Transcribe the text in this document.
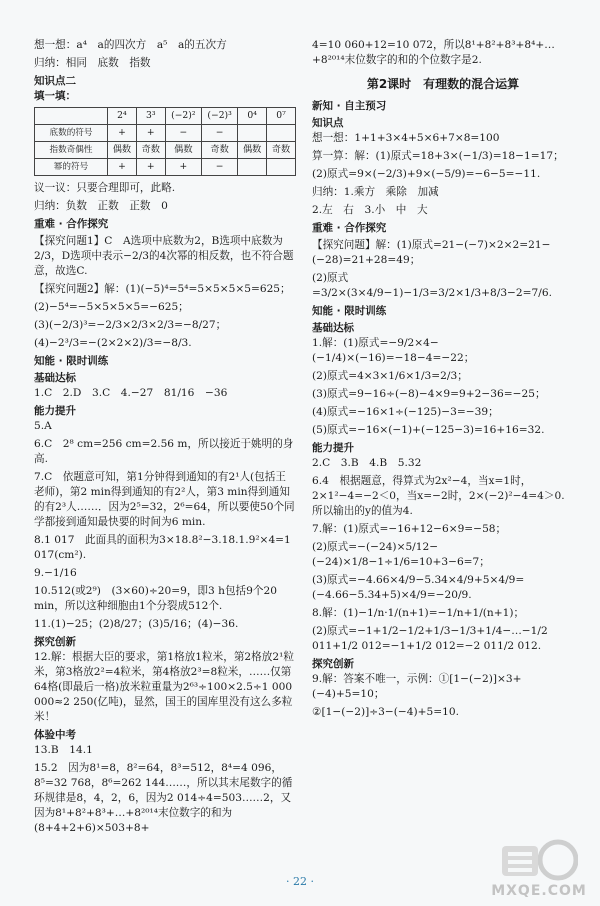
想一想：a⁴　a的四次方　a⁵　a的五次方
归纳：相同　底数　指数
知识点二
填一填：
	2⁴	3³	(−2)²	(−2)³	0⁴	0⁷
底数的符号	+	+	−	−		
指数奇偶性	偶数	奇数	偶数	奇数	偶数	奇数
幂的符号	+	+	+	−		
议一议：只要合理即可，此略.
归纳：负数　正数　正数　0
重难 · 合作探究
【探究问题1】C　A选项中底数为2，B选项中底数为2/3，D选项中表示−2/3的4次幂的相反数，也不符合题意，故选C.
【探究问题2】解：(1)(−5)⁴=5⁴=5×5×5×5=625；
(2)−5⁴=−5×5×5×5=−625；
(3)(−2/3)³=−2/3×2/3×2/3=−8/27；
(4)−2³/3=−(2×2×2)/3=−8/3.
知能 · 限时训练
基础达标
1.C　2.D　3.C　4.−27　81/16　−36
能力提升
5.A
6.C　2⁸ cm=256 cm=2.56 m，所以接近于姚明的身高.
7.C　依题意可知，第1分钟得到通知的有2¹人(包括王老师)，第2 min得到通知的有2²人，第3 min得到通知的有2³人……．因为2⁵=32，2⁶=64，所以要使50个同学都接到通知最快要的时间为6 min.
8.1 017　此面具的面积为3×18.8²−3.18.1.9²×4=1 017(cm²).
9.−1/16
10.512(或2⁹)　(3×60)÷20=9，即3 h包括9个20 min，所以这种细胞由1个分裂成512个.
11.(1)−25；(2)8/27；(3)5/16；(4)−36.
探究创新
12.解：根据大臣的要求，第1格放1粒米，第2格放2¹粒米，第3格放2²=4粒米，第4格放2³=8粒米，……仅第64格(即最后一格)放米粒重量为2⁶³÷100×2.5÷1 000 000≈2 250(亿吨)，显然，国王的国库里没有这么多粒米！
体验中考
13.B　14.1
15.2　因为8¹=8，8²=64，8³=512，8⁴=4 096，8⁵=32 768，8⁶=262 144……，所以其末尾数字的循环规律是8，4，2，6，因为2 014÷4=503……2，又因为8¹+8²+8³+…+8²⁰¹⁴末位数字的和为(8+4+2+6)×503+8+
4=10 060+12=10 072，所以8¹+8²+8³+8⁴+…+8²⁰¹⁴末位数字的和的个位数字是2.
第2课时　有理数的混合运算
新知 · 自主预习
知识点
想一想：1+1+3×4+5×6+7×8=100
算一算：解：(1)原式=18+3×(−1/3)=18−1=17；
(2)原式=9×(−2/3)+9×(−5/9)=−6−5=−11.
归纳：1.乘方　乘除　加减
2.左　右　3.小　中　大
重难 · 合作探究
【探究问题】解：(1)原式=21−(−7)×2×2=21−(−28)=21+28=49；
(2)原式=3/2×(3×4/9−1)−1/3=3/2×1/3+8/3−2=7/6.
知能 · 限时训练
基础达标
1.解：(1)原式=−9/2×4−(−1/4)×(−16)=−18−4=−22；
(2)原式=4×3×1/6×1/3=2/3；
(3)原式=9−16÷(−8)−4×9=9+2−36=−25；
(4)原式=−16×1÷(−125)−3=−39；
(5)原式=−16×(−1)+(−125−3)=16+16=32.
能力提升
2.C　3.B　4.B　5.32
6.4　根据题意，得算式为2x²−4，当x=1时，2×1²−4=−2＜0，当x=−2时，2×(−2)²−4=4＞0.所以输出的y的值为4.
7.解：(1)原式=−16+12−6×9=−58；
(2)原式=−(−24)×5/12−(−24)×1/8−1÷1/6=10+3−6=7；
(3)原式=−4.66×4/9−5.34×4/9+5×4/9=(−4.66−5.34+5)×4/9=−20/9.
8.解：(1)−1/n·1/(n+1)=−1/n+1/(n+1)；
(2)原式=−1+1/2−1/2+1/3−1/3+1/4−…−1/2 011+1/2 012=−1+1/2 012=−2 011/2 012.
探究创新
9.解：答案不唯一，示例：①[1−(−2)]×3+(−4)+5=10；
②[1−(−2)]÷3−(−4)+5=10.
· 22 ·
MXQE.COM
